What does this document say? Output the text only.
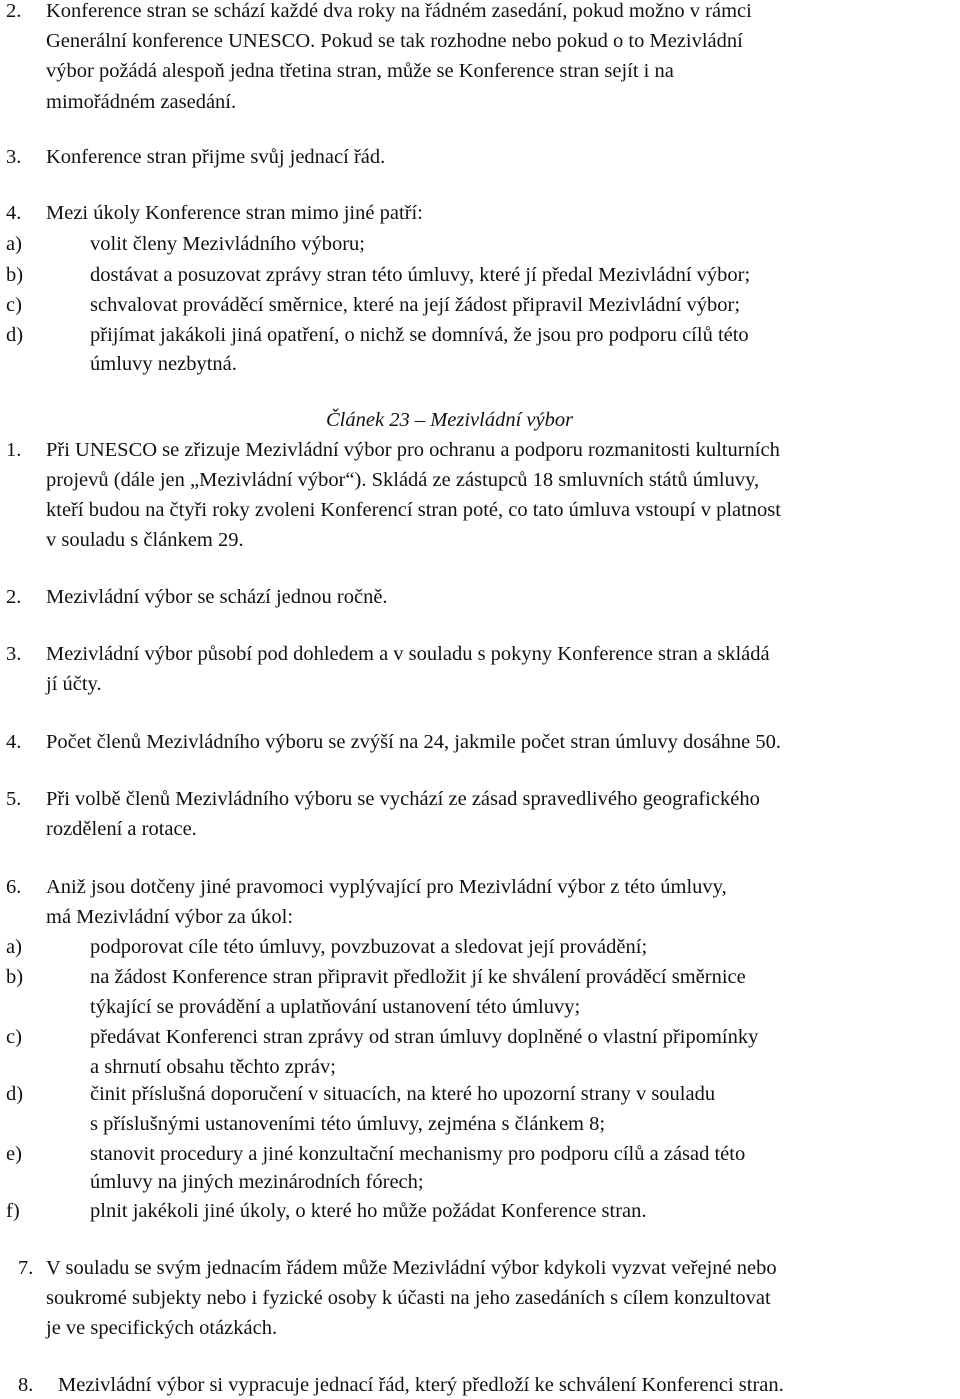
2. Konference stran se schází každé dva roky na řádném zasedání, pokud možno v rámci
Generální konference UNESCO. Pokud se tak rozhodne nebo pokud o to Mezivládní
výbor požádá alespoň jedna třetina stran, může se Konference stran sejít i na
mimořádném zasedání.
3. Konference stran přijme svůj jednací řád.
4. Mezi úkoly Konference stran mimo jiné patří:
a)	volit členy Mezivládního výboru;
b)	dostávat a posuzovat zprávy stran této úmluvy, které jí předal Mezivládní výbor;
c)	schvalovat prováděcí směrnice, které na její žádost připravil Mezivládní výbor;
d)	přijímat jakákoli jiná opatření, o nichž se domnívá, že jsou pro podporu cílů této
úmluvy nezbytná.
Článek 23 – Mezivládní výbor
1. Při UNESCO se zřizuje Mezivládní výbor pro ochranu a podporu rozmanitosti kulturních
projevů (dále jen „Mezivládní výbor“). Skládá ze zástupců 18 smluvních států úmluvy,
kteří budou na čtyři roky zvoleni Konferencí stran poté, co tato úmluva vstoupí v platnost
v souladu s článkem 29.
2. Mezivládní výbor se schází jednou ročně.
3. Mezivládní výbor působí pod dohledem a v souladu s pokyny Konference stran a skládá
jí účty.
4. Počet členů Mezivládního výboru se zvýší na 24, jakmile počet stran úmluvy dosáhne 50.
5. Při volbě členů Mezivládního výboru se vychází ze zásad spravedlivého geografického
rozdělení a rotace.
6. Aniž jsou dotčeny jiné pravomoci vyplývající pro Mezivládní výbor z této úmluvy,
má Mezivládní výbor za úkol:
a)	podporovat cíle této úmluvy, povzbuzovat a sledovat její provádění;
b)	na žádost Konference stran připravit předložit jí ke shválení prováděcí směrnice
týkající se provádění a uplatňování ustanovení této úmluvy;
c)	předávat Konferenci stran zprávy od stran úmluvy doplněné o vlastní připomínky
a shrnutí obsahu těchto zpráv;
d)	činit příslušná doporučení v situacích, na které ho upozorní strany v souladu
s příslušnými ustanoveními této úmluvy, zejména s článkem 8;
e)	stanovit procedury a jiné konzultační mechanismy pro podporu cílů a zásad této
úmluvy na jiných mezinárodních fórech;
f)	plnit jakékoli jiné úkoly, o které ho může požádat Konference stran.
7. V souladu se svým jednacím řádem může Mezivládní výbor kdykoli vyzvat veřejné nebo
soukromé subjekty nebo i fyzické osoby k účasti na jeho zasedáních s cílem konzultovat
je ve specifických otázkách.
8. Mezivládní výbor si vypracuje jednací řád, který předloží ke schválení Konferenci stran.
